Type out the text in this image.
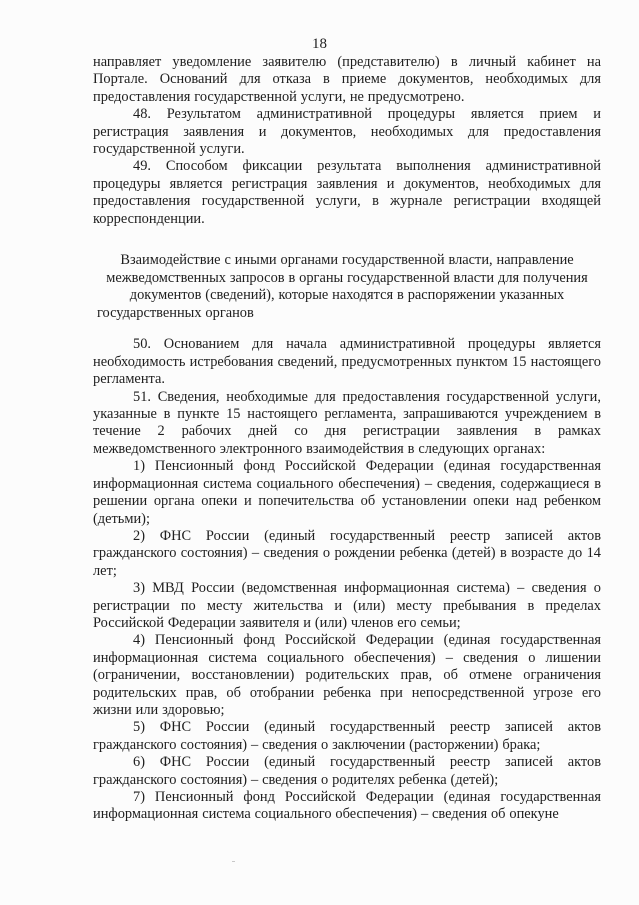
18

направляет уведомление заявителю (представителю) в личный кабинет на Порталe. Оснований для отказа в приеме документов, необходимых для предоставления государственной услуги, не предусмотрено.

48. Результатом административной процедуры является прием и регистрация заявления и документов, необходимых для предоставления государственной услуги.

49. Способом фиксации результата выполнения административной процедуры является регистрация заявления и документов, необходимых для предоставления государственной услуги, в журнале регистрации входящей корреспонденции.

Взаимодействие с иными органами государственной власти, направление межведомственных запросов в органы государственной власти для получения документов (сведений), которые находятся в распоряжении указанных государственных органов

50. Основанием для начала административной процедуры является необходимость истребования сведений, предусмотренных пунктом 15 настоящего регламента.

51. Сведения, необходимые для предоставления государственной услуги, указанные в пункте 15 настоящего регламента, запрашиваются учреждением в течение 2 рабочих дней со дня регистрации заявления в рамках межведомственного электронного взаимодействия в следующих органах:

1) Пенсионный фонд Российской Федерации (единая государственная информационная система социального обеспечения) – сведения, содержащиеся в решении органа опеки и попечительства об установлении опеки над ребенком (детьми);

2) ФНС России (единый государственный реестр записей актов гражданского состояния) – сведения о рождении ребенка (детей) в возрасте до 14 лет;

3) МВД России (ведомственная информационная система) – сведения о регистрации по месту жительства и (или) месту пребывания в пределах Российской Федерации заявителя и (или) членов его семьи;

4) Пенсионный фонд Российской Федерации (единая государственная информационная система социального обеспечения) – сведения о лишении (ограничении, восстановлении) родительских прав, об отмене ограничения родительских прав, об отобрании ребенка при непосредственной угрозе его жизни или здоровью;

5) ФНС России (единый государственный реестр записей актов гражданского состояния) – сведения о заключении (расторжении) брака;

6) ФНС России (единый государственный реестр записей актов гражданского состояния) – сведения о родителях ребенка (детей);

7) Пенсионный фонд Российской Федерации (единая государственная информационная система социального обеспечения) – сведения об опекуне
